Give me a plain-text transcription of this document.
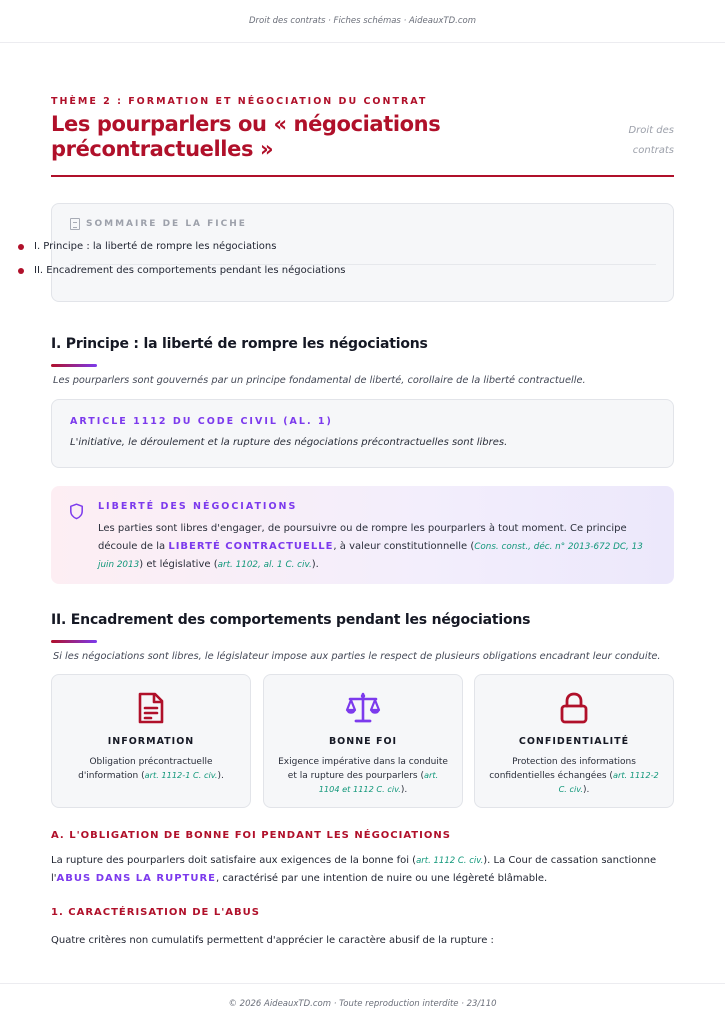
Droit des contrats · Fiches schémas · AideauxTD.com
THÈME 2 : FORMATION ET NÉGOCIATION DU CONTRAT
Les pourparlers ou « négociations
précontractuelles »
Droit des
contrats
SOMMAIRE DE LA FICHE
I. Principe : la liberté de rompre les négociations
II. Encadrement des comportements pendant les négociations
I. Principe : la liberté de rompre les négociations
Les pourparlers sont gouvernés par un principe fondamental de liberté, corollaire de la liberté contractuelle.
ARTICLE 1112 DU CODE CIVIL (AL. 1)
L'initiative, le déroulement et la rupture des négociations précontractuelles sont libres.
LIBERTÉ DES NÉGOCIATIONS
Les parties sont libres d'engager, de poursuivre ou de rompre les pourparlers à tout moment. Ce principe découle de la LIBERTÉ CONTRACTUELLE, à valeur constitutionnelle (Cons. const., déc. n° 2013-672 DC, 13 juin 2013) et législative (art. 1102, al. 1 C. civ.).
II. Encadrement des comportements pendant les négociations
Si les négociations sont libres, le législateur impose aux parties le respect de plusieurs obligations encadrant leur conduite.
INFORMATION
Obligation précontractuelle d'information (art. 1112-1 C. civ.).
BONNE FOI
Exigence impérative dans la conduite et la rupture des pourparlers (art. 1104 et 1112 C. civ.).
CONFIDENTIALITÉ
Protection des informations confidentielles échangées (art. 1112-2 C. civ.).
A. L'OBLIGATION DE BONNE FOI PENDANT LES NÉGOCIATIONS
La rupture des pourparlers doit satisfaire aux exigences de la bonne foi (art. 1112 C. civ.). La Cour de cassation sanctionne l'ABUS DANS LA RUPTURE, caractérisé par une intention de nuire ou une légèreté blâmable.
1. CARACTÉRISATION DE L'ABUS
Quatre critères non cumulatifs permettent d'apprécier le caractère abusif de la rupture :
© 2026 AideauxTD.com · Toute reproduction interdite · 23/110
